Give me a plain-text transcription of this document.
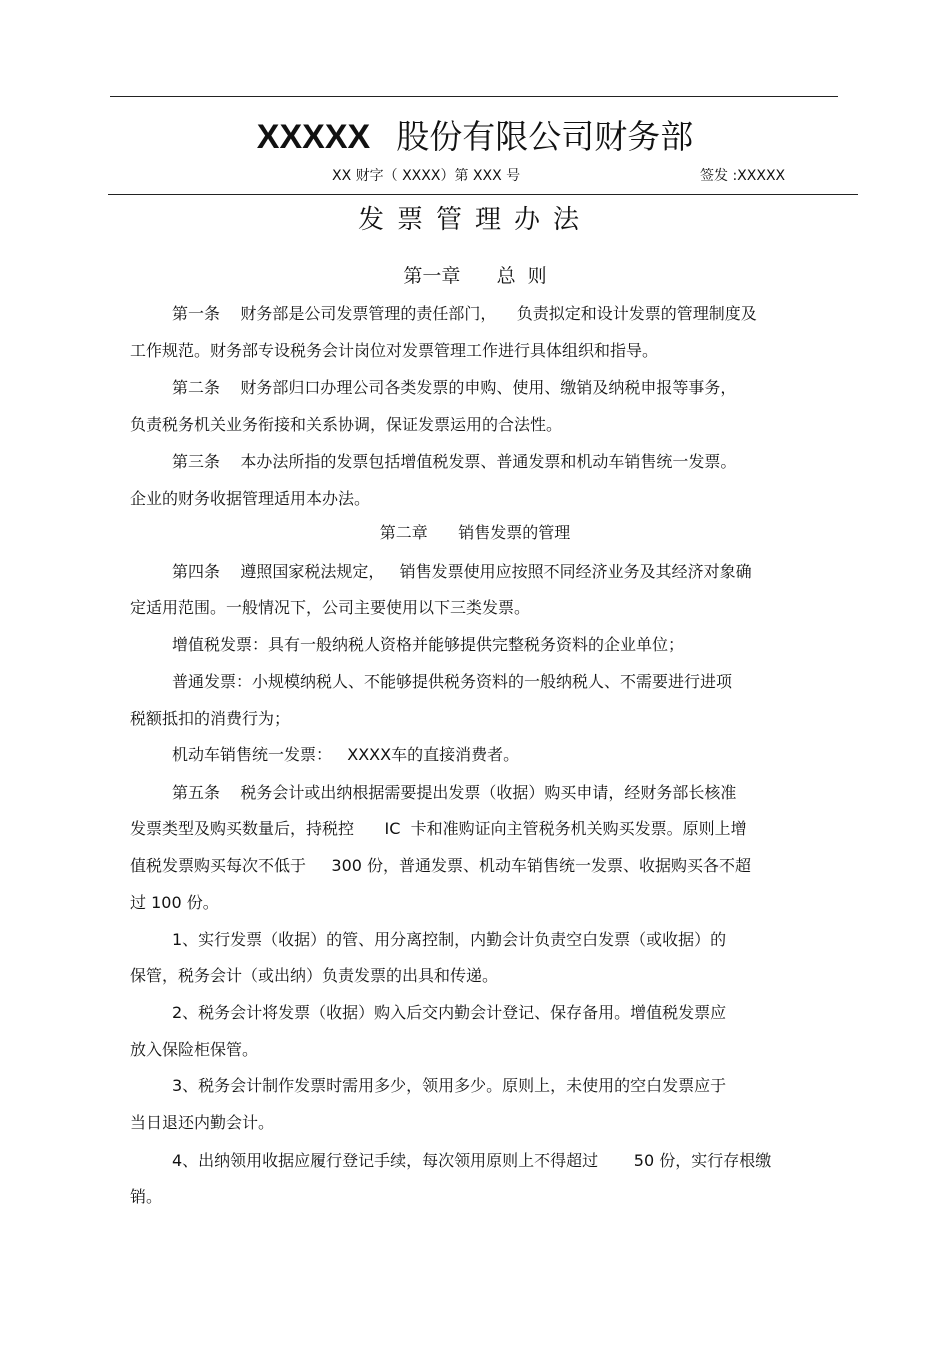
XXXXX 股份有限公司财务部
XX 财字（ XXXX）第 XXX 号	签发 :XXXXX
发票管理办法
第一章      总  则
第一条    财务部是公司发票管理的责任部门，    负责拟定和设计发票的管理制度及
工作规范。财务部专设税务会计岗位对发票管理工作进行具体组织和指导。
第二条    财务部归口办理公司各类发票的申购、使用、缴销及纳税申报等事务，
负责税务机关业务衔接和关系协调，保证发票运用的合法性。
第三条    本办法所指的发票包括增值税发票、普通发票和机动车销售统一发票。
企业的财务收据管理适用本办法。
第二章      销售发票的管理
第四条    遵照国家税法规定，   销售发票使用应按照不同经济业务及其经济对象确
定适用范围。一般情况下，公司主要使用以下三类发票。
增值税发票：具有一般纳税人资格并能够提供完整税务资料的企业单位；
普通发票：小规模纳税人、不能够提供税务资料的一般纳税人、不需要进行进项
税额抵扣的消费行为；
机动车销售统一发票：   XXXX车的直接消费者。
第五条    税务会计或出纳根据需要提出发票（收据）购买申请，经财务部长核准
发票类型及购买数量后，持税控      IC  卡和准购证向主管税务机关购买发票。原则上增
值税发票购买每次不低于     300 份，普通发票、机动车销售统一发票、收据购买各不超
过 100 份。
1、实行发票（收据）的管、用分离控制，内勤会计负责空白发票（或收据）的
保管，税务会计（或出纳）负责发票的出具和传递。
2、税务会计将发票（收据）购入后交内勤会计登记、保存备用。增值税发票应
放入保险柜保管。
3、税务会计制作发票时需用多少，领用多少。原则上，未使用的空白发票应于
当日退还内勤会计。
4、出纳领用收据应履行登记手续，每次领用原则上不得超过       50 份，实行存根缴
销。
